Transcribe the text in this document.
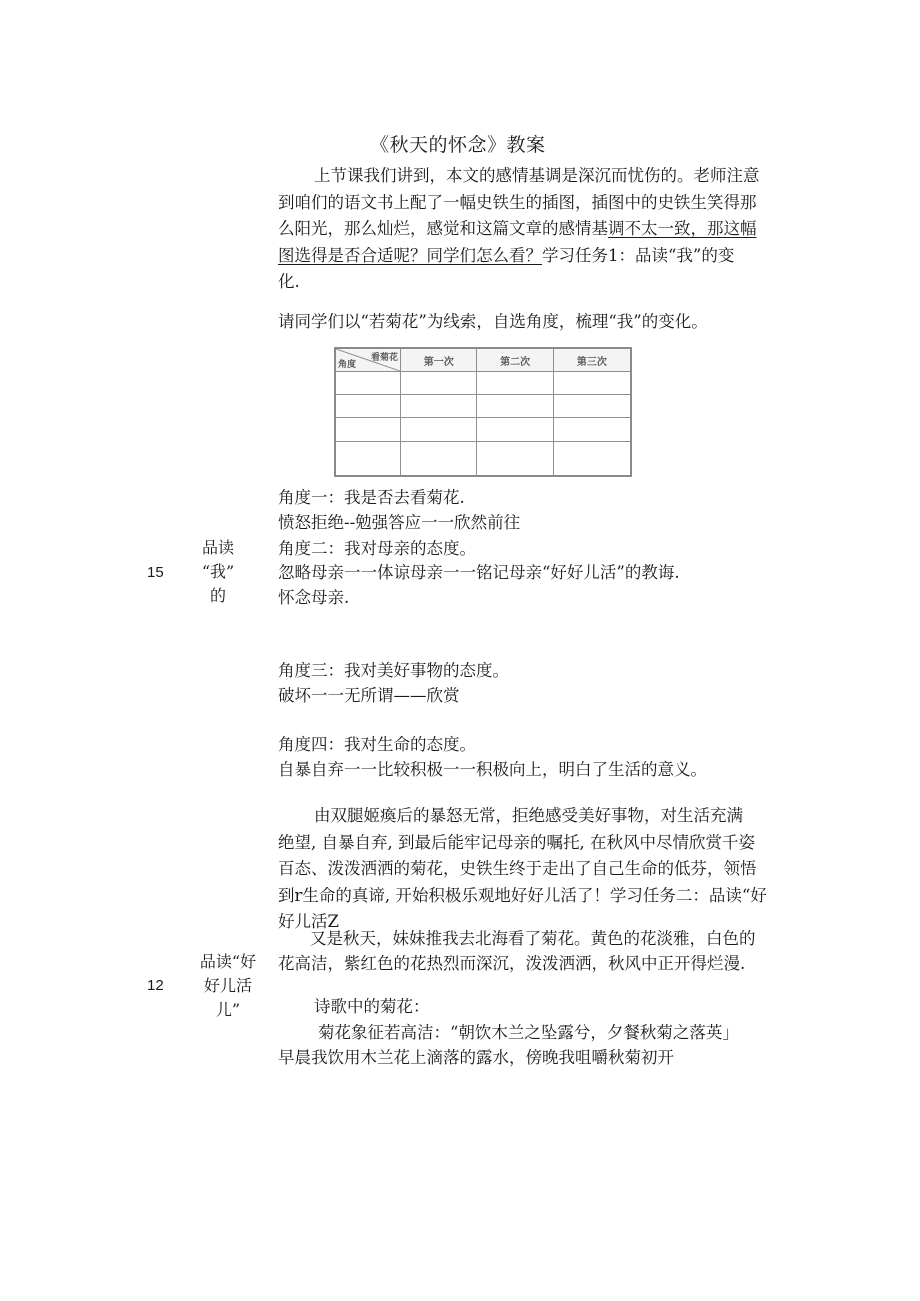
《秋天的怀念》教案
上节课我们讲到，本文的感情基调是深沉而忧伤的。老师注意
到咱们的语文书上配了一幅史铁生的插图，插图中的史铁生笑得那
么阳光，那么灿烂，感觉和这篇文章的感情基调不太一致，那这幅
图选得是否合适呢？同学们怎么看？学习任务1：品读“我”的变
化.
请同学们以“若菊花”为线索，自选角度，梳理“我”的变化。
看菊花
角度	第一次	第二次	第三次

角度一：我是否去看菊花.
愤怒拒绝--勉强答应一一欣然前往
角度二：我对母亲的态度。
忽略母亲一一体谅母亲一一铭记母亲“好好儿活”的教诲.
怀念母亲.
15
品读
“我”
的
角度三：我对美好事物的态度。
破坏一一无所谓——欣赏
角度四：我对生命的态度。
自暴自弃一一比较积极一一积极向上，明白了生活的意义。
由双腿姬瘓后的暴怒无常，拒绝感受美好事物，对生活充满
绝望, 自暴自弃, 到最后能牢记母亲的嘱托, 在秋风中尽情欣赏千姿
百态、泼泼洒洒的菊花，史铁生终于走出了自己生命的低芬，领悟
到r生命的真谛, 开始积极乐观地好好儿活了！学习任务二：品读“好
好儿活Z
又是秋天，妹妹推我去北海看了菊花。黄色的花淡雅，白色的
花高洁，紫红色的花热烈而深沉，泼泼洒洒，秋风中正开得烂漫.
12
品读“好
好儿活
儿”	诗歌中的菊花：
菊花象征若高洁：“朝饮木兰之坠露兮，夕餐秋菊之落英」
早晨我饮用木兰花上滴落的露水，傍晚我咀嚼秋菊初开
